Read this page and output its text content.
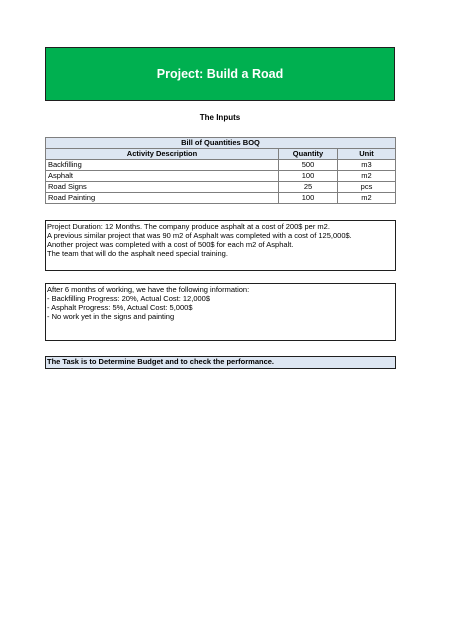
Project: Build a Road
The Inputs
Bill of Quantities BOQ		
Activity Description	Quantity	Unit
Backfilling	500	m3
Asphalt	100	m2
Road Signs	25	pcs
Road Painting	100	m2
Project Duration: 12 Months. The company produce asphalt at a cost of 200$ per m2.
A previous similar project that was 90 m2 of Asphalt was completed with a cost of 125,000$.
Another project was completed with a cost of 500$ for each m2 of Asphalt.
The team that will do the asphalt need special training.
After 6 months of working, we have the following information:
- Backfilling Progress: 20%, Actual Cost: 12,000$
- Asphalt Progress: 5%, Actual Cost: 5,000$
- No work yet in the signs and painting
The Task is to Determine Budget and to check the performance.
